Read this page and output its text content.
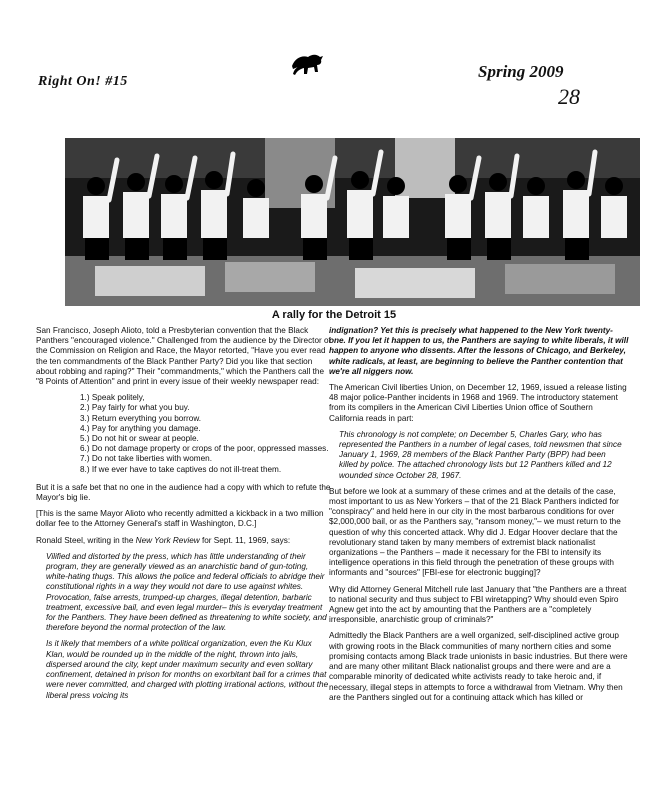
Right On! #15
Spring 2009
28
A rally for the Detroit 15

San Francisco, Joseph Alioto, told a Presbyterian convention that the Black Panthers "encouraged violence." Challenged from the audience by the Director of the Commission on Religion and Race, the Mayor retorted, "Have you ever read the ten commandments of the Black Panther Party? Did you like that section about robbing and raping?" Their "commandments," which the Panthers call the "8 Points of Attention" and print in every issue of their weekly newspaper read:

1.) Speak politely,
2.) Pay fairly for what you buy.
3.) Return everything you borrow.
4.) Pay for anything you damage.
5.) Do not hit or swear at people.
6.) Do not damage property or crops of the poor, oppressed masses.
7.) Do not take liberties with women.
8.) If we ever have to take captives do not ill-treat them.

But it is a safe bet that no one in the audience had a copy with which to refute the Mayor's big lie.

[This is the same Mayor Alioto who recently admitted a kickback in a two million dollar fee to the Attorney General's staff in Washington, D.C.]

Ronald Steel, writing in the New York Review for Sept. 11, 1969, says:

Vilified and distorted by the press, which has little understanding of their program, they are generally viewed as an anarchistic band of gun-toting, white-hating thugs. This allows the police and federal officials to abridge their constitutional rights in a way they would not dare to use against whites. Provocation, false arrests, trumped-up charges, illegal detention, barbaric treatment, excessive bail, and even legal murder– this is everyday treatment for the Panthers. They have been defined as threatening to white society, and therefore beyond the normal protection of the law.

Is it likely that members of a white political organization, even the Ku Klux Klan, would be rounded up in the middle of the night, thrown into jails, dispersed around the city, kept under maximum security and even solitary confinement, detained in prison for months on exorbitant bail for a crimes that were never committed, and charged with plotting irrational actions, without the liberal press voicing its

indignation? Yet this is precisely what happened to the New York twenty-one. If you let it happen to us, the Panthers are saying to white liberals, it will happen to anyone who dissents. After the lessons of Chicago, and Berkeley, white radicals, at least, are beginning to believe the Panther contention that we're all niggers now.

The American Civil liberties Union, on December 12, 1969, issued a release listing 48 major police-Panther incidents in 1968 and 1969. The introductory statement from its compilers in the American Civil Liberties Union office of Southern California reads in part:

This chronology is not complete; on December 5, Charles Gary, who has represented the Panthers in a number of legal cases, told newsmen that since January 1, 1969, 28 members of the Black Panther Party (BPP) had been killed by police. The attached chronology lists but 12 Panthers killed and 12 wounded since October 28, 1967.

But before we look at a summary of these crimes and at the details of the case, most important to us as New Yorkers – that of the 21 Black Panthers indicted for "conspiracy" and held here in our city in the most barbarous conditions for over $2,000,000 bail, or as the Panthers say, "ransom money,"– we must return to the question of why this concerted attack. Why did J. Edgar Hoover declare that the revolutionary stand taken by many members of extremist black nationalist organizations – the Panthers – made it necessary for the FBI to intensify its intelligence operations in this field through the penetration of these groups with informants and "sources" [FBI-ese for electronic bugging]?

Why did Attorney General Mitchell rule last January that "the Panthers are a threat to national security and thus subject to FBI wiretapping? Why should even Spiro Agnew get into the act by amounting that the Panthers are a "completely irresponsible, anarchistic group of criminals?"

Admittedly the Black Panthers are a well organized, self-disciplined active group with growing roots in the Black communities of many northern cities and some promising contacts among Black trade unionists in basic industries. But there were and are many other militant Black nationalist groups and there were and are a comparable minority of dedicated white activists ready to take heroic and, if necessary, illegal steps in attempts to force a withdrawal from Vietnam. Why then are the Panthers singled out for a continuing attack which has killed or
